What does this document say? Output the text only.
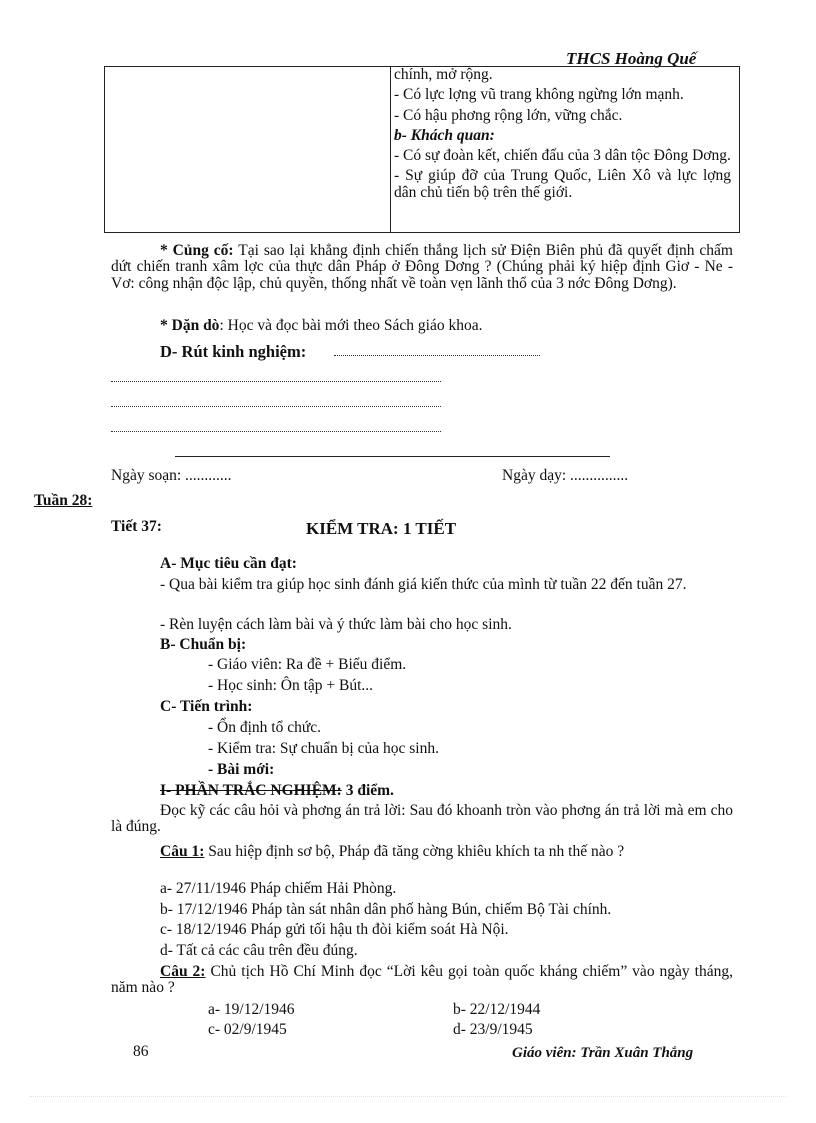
THCS Hoàng Quế

chính, mở rộng.

- Có lực lợng vũ trang không ngừng lớn mạnh.

- Có hậu phơng rộng lớn, vững chắc.

b- Khách quan:

- Có sự đoàn kết, chiến đấu của 3 dân tộc Đông Dơng.

- Sự giúp đỡ của Trung Quốc, Liên Xô và lực lợng dân chủ tiến bộ trên thế giới.

* Củng cố: Tại sao lại khẳng định chiến thắng lịch sử Điện Biên phủ đã quyết định chấm dứt chiến tranh xâm lợc của thực dân Pháp ở Đông Dơng ? (Chúng phải ký hiệp định Giơ - Ne - Vơ: công nhận độc lập, chủ quyền, thống nhất về toàn vẹn lãnh thổ của 3 nớc Đông Dơng).
* Dặn dò: Học và đọc bài mới theo Sách giáo khoa.
D- Rút kinh nghiệm:
Ngày soạn: ............	Ngày dạy: ...............
Tuần 28:
Tiết 37:	KIỂM TRA: 1 TIẾT
A- Mục tiêu cần đạt:
- Qua bài kiểm tra giúp học sinh đánh giá kiến thức của mình từ tuần 22 đến tuần 27.
- Rèn luyện cách làm bài và ý thức làm bài cho học sinh.
B- Chuẩn bị:
- Giáo viên: Ra đề + Biểu điểm.
- Học sinh: Ôn tập + Bút...
C- Tiến trình:
- Ổn định tổ chức.
- Kiểm tra: Sự chuẩn bị của học sinh.
- Bài mới:
I- PHẦN TRẮC NGHIỆM: 3 điểm.
Đọc kỹ các câu hỏi và phơng án trả lời: Sau đó khoanh tròn vào phơng án trả lời mà em cho là đúng.
Câu 1: Sau hiệp định sơ bộ, Pháp đã tăng cờng khiêu khích ta nh thế nào ?
a- 27/11/1946 Pháp chiếm Hải Phòng.
b- 17/12/1946 Pháp tàn sát nhân dân phố hàng Bún, chiếm Bộ Tài chính.
c- 18/12/1946 Pháp gửi tối hậu th đòi kiểm soát Hà Nội.
d- Tất cả các câu trên đều đúng.
Câu 2: Chủ tịch Hồ Chí Minh đọc “Lời kêu gọi toàn quốc kháng chiếm” vào ngày tháng, năm nào ?
a- 19/12/1946	b- 22/12/1944
c- 02/9/1945	d- 23/9/1945
86	Giáo viên: Trần Xuân Thắng
